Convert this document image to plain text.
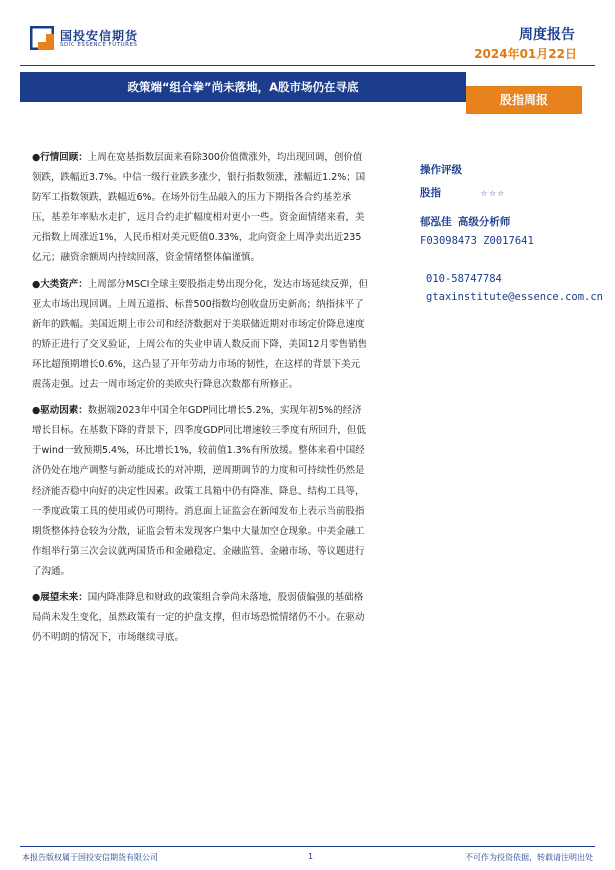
国投安信期货
SDIC ESSENCE FUTURES
周度报告
2024年01月22日
政策端“组合拳”尚未落地，A股市场仍在寻底
股指周报

●行情回顾：上周在宽基指数层面来看除300价值微涨外，均出现回调，创价值领跌，跌幅近3.7%。中信一级行业跌多涨少，银行指数领涨，涨幅近1.2%；国防军工指数领跌，跌幅近6%。在场外衍生品敲入的压力下期指各合约基差承压，基差年率贴水走扩，远月合约走扩幅度相对更小一些。资金面情绪来看，美元指数上周涨近1%，人民币相对美元贬值0.33%，北向资金上周净卖出近235亿元；融资余额周内持续回落，资金情绪整体偏谨慎。

●大类资产：上周部分MSCI全球主要股指走势出现分化，发达市场延续反弹，但亚太市场出现回调。上周五道指、标普500指数均创收盘历史新高；纳指抹平了新年的跌幅。美国近期上市公司和经济数据对于美联储近期对市场定价降息速度的矫正进行了交叉验证，上周公布的失业申请人数反而下降，美国12月零售销售环比超预期增长0.6%，这凸显了开年劳动力市场的韧性，在这样的背景下美元震荡走强。过去一周市场定价的美欧央行降息次数都有所修正。

●驱动因素：数据端2023年中国全年GDP同比增长5.2%，实现年初5%的经济增长目标。在基数下降的背景下，四季度GDP同比增速较三季度有所回升，但低于wind一致预期5.4%，环比增长1%，较前值1.3%有所放缓。整体来看中国经济仍处在地产调整与新动能成长的对冲期，逆周期调节的力度和可持续性仍然是经济能否稳中向好的决定性因素。政策工具箱中仍有降准、降息、结构工具等，一季度政策工具的使用或仍可期待。消息面上证监会在新闻发布上表示当前股指期货整体持仓较为分散，证监会暂未发现客户集中大量加空仓现象。中美金融工作组举行第三次会议就两国货币和金融稳定、金融监管、金融市场、等议题进行了沟通。

●展望未来：国内降准降息和财政的政策组合拳尚未落地，股弱债偏强的基础格局尚未发生变化，虽然政策有一定的护盘支撑，但市场恐慌情绪仍不小。在驱动仍不明朗的情况下，市场继续寻底。

操作评级
股指	☆☆☆
郁泓佳 高级分析师
F03098473 Z0017641
010-58747784
gtaxinstitute@essence.com.cn
本报告版权属于国投安信期货有限公司	1	不可作为投资依据，转载请注明出处
